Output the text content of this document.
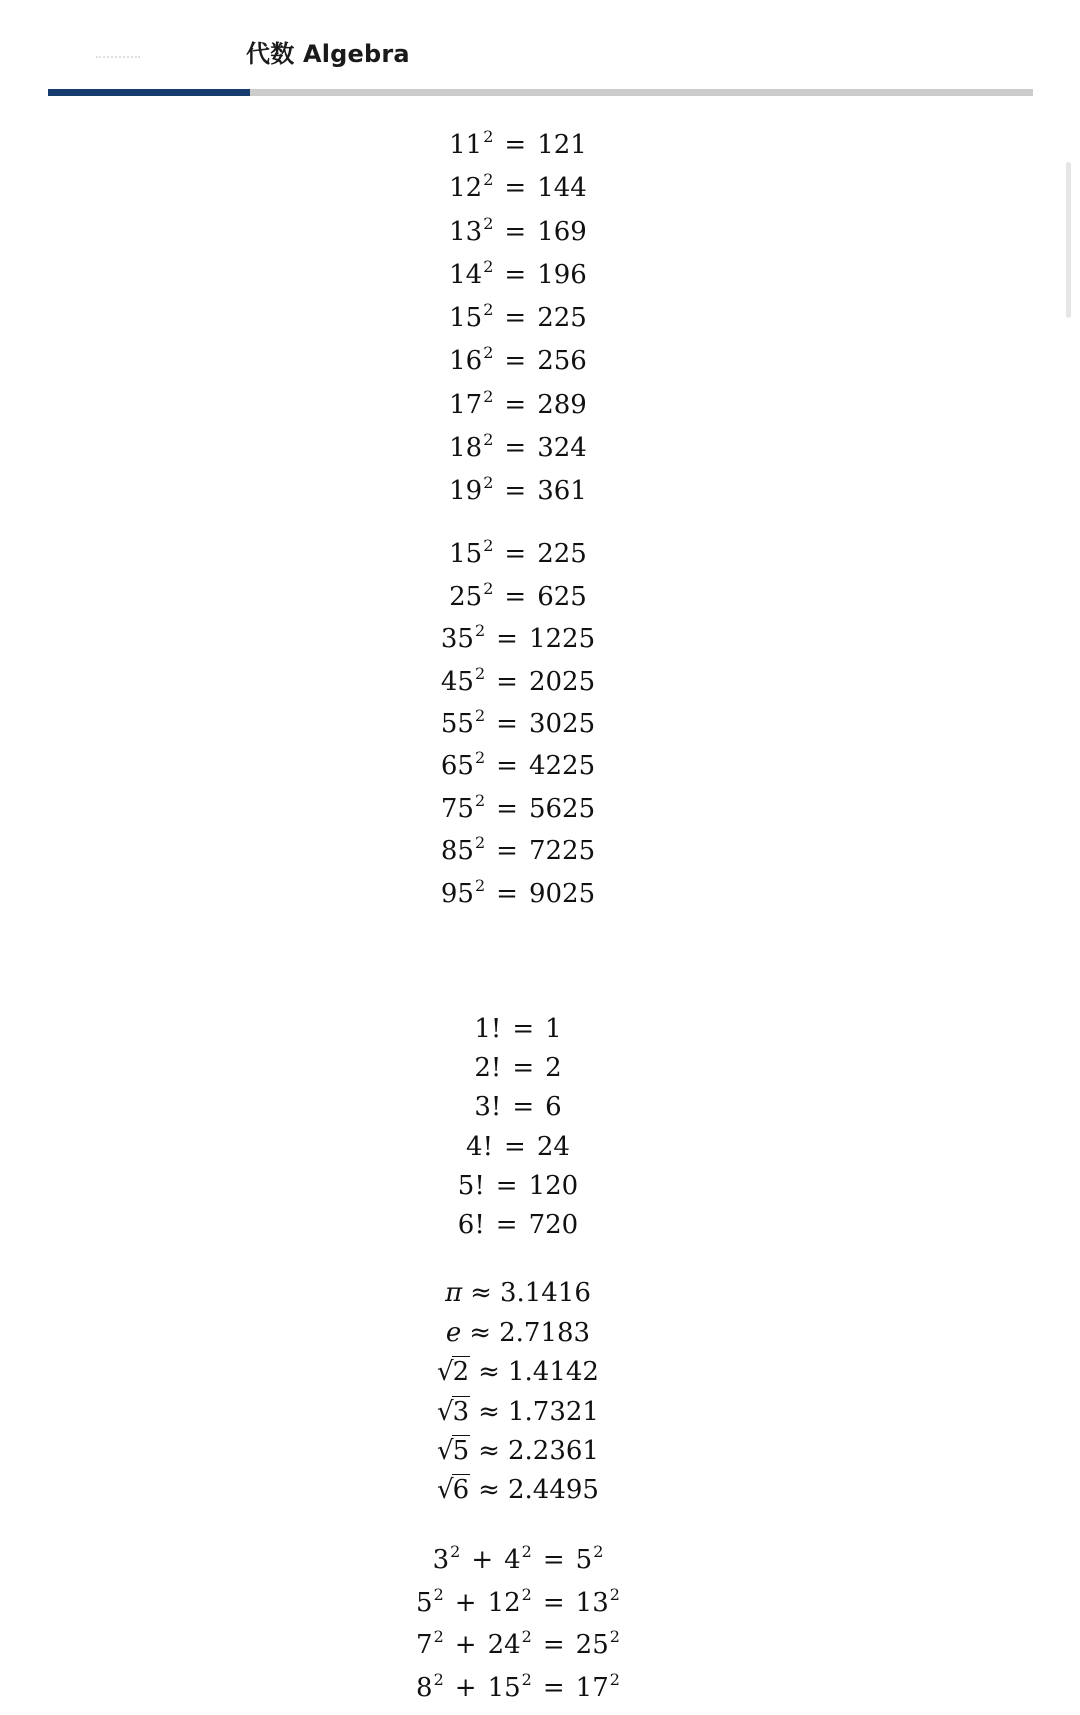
代数 Algebra
$11^2 = 121$
$12^2 = 144$
$13^2 = 169$
$14^2 = 196$
$15^2 = 225$
$16^2 = 256$
$17^2 = 289$
$18^2 = 324$
$19^2 = 361$
$15^2 = 225$
$25^2 = 625$
$35^2 = 1225$
$45^2 = 2025$
$55^2 = 3025$
$65^2 = 4225$
$75^2 = 5625$
$85^2 = 7225$
$95^2 = 9025$
1! = 1
2! = 2
3! = 6
4! = 24
5! = 120
6! = 720
π ≈ 3.1416
e ≈ 2.7183
√2 ≈ 1.4142
√3 ≈ 1.7321
√5 ≈ 2.2361
√6 ≈ 2.4495
$3^2 + 4^2 = 5^2$
$5^2 + 12^2 = 13^2$
$7^2 + 24^2 = 25^2$
$8^2 + 15^2 = 17^2$
